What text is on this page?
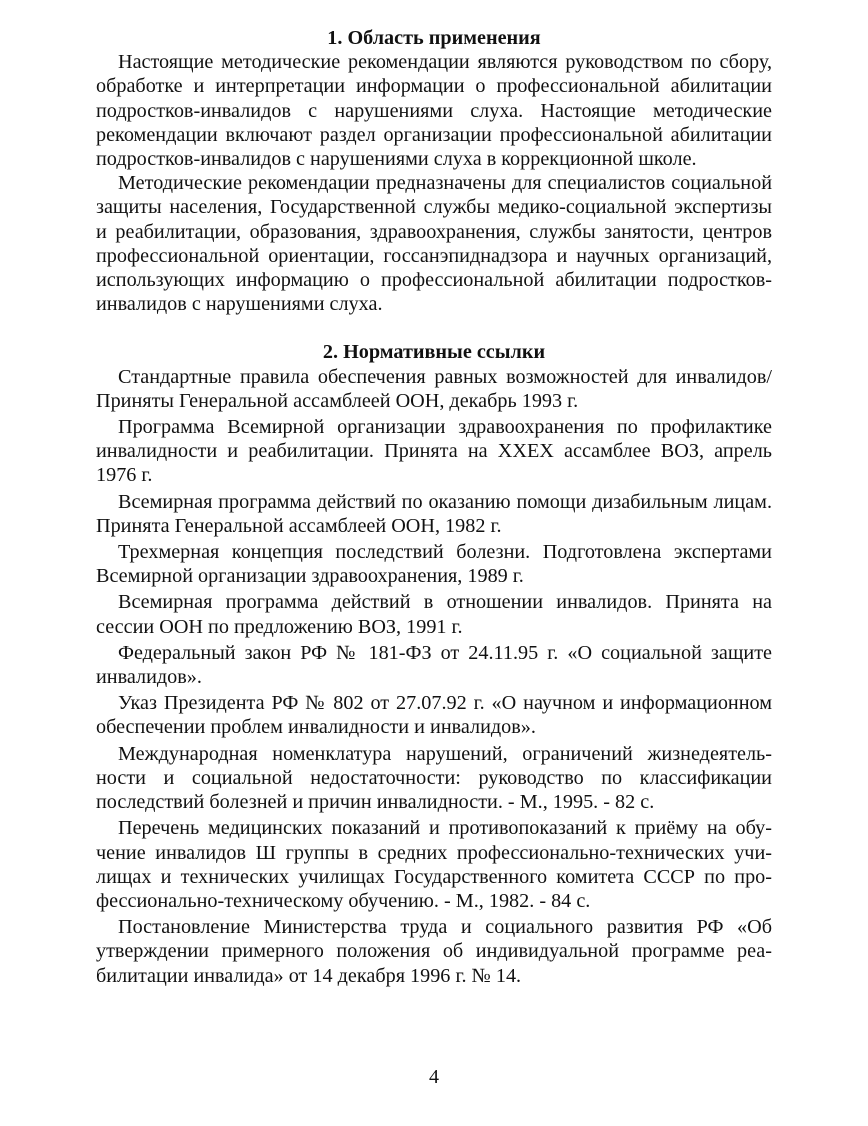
1. Область применения

Настоящие методические рекомендации являются руководством по сбору, обработке и интерпретации информации о профессиональной абилитации подростков-инвалидов с нарушениями слуха. Настоящие методические рекомендации включают раздел организации профессиональной абилитации подростков-инвалидов с нарушениями слуха в коррекционной школе.

Методические рекомендации предназначены для специалистов социальной защиты населения, Государственной службы медико-социальной экспертизы и реабилитации, образования, здравоохранения, службы занятости, центров профессиональной ориентации, госсанэпиднадзора и научных организаций, использующих информацию о профессиональной абилитации подростков-инвалидов с нарушениями слуха.

2. Нормативные ссылки

Стандартные правила обеспечения равных возможностей для инвалидов/Приняты Генеральной ассамблеей ООН, декабрь 1993 г.

Программа Всемирной организации здравоохранения по профилактике инвалидности и реабилитации. Принята на XXEX ассамблее ВОЗ, апрель 1976 г.

Всемирная программа действий по оказанию помощи дизабильным лицам. Принята Генеральной ассамблеей ООН, 1982 г.

Трехмерная концепция последствий болезни. Подготовлена экспертами Всемирной организации здравоохранения, 1989 г.

Всемирная программа действий в отношении инвалидов. Принята на сессии ООН по предложению ВОЗ, 1991 г.

Федеральный закон РФ № 181-ФЗ от 24.11.95 г. «О социальной защите инвалидов».

Указ Президента РФ № 802 от 27.07.92 г. «О научном и информационном обеспечении проблем инвалидности и инвалидов».

Международная номенклатура нарушений, ограничений жизнедеятельности и социальной недостаточности: руководство по классификации последствий болезней и причин инвалидности. - М., 1995. - 82 с.

Перечень медицинских показаний и противопоказаний к приёму на обучение инвалидов Ш группы в средних профессионально-технических училищах и технических училищах Государственного комитета СССР по профессионально-техническому обучению. - М., 1982. - 84 с.

Постановление Министерства труда и социального развития РФ «Об утверждении примерного положения об индивидуальной программе реабилитации инвалида» от 14 декабря 1996 г. № 14.

4
